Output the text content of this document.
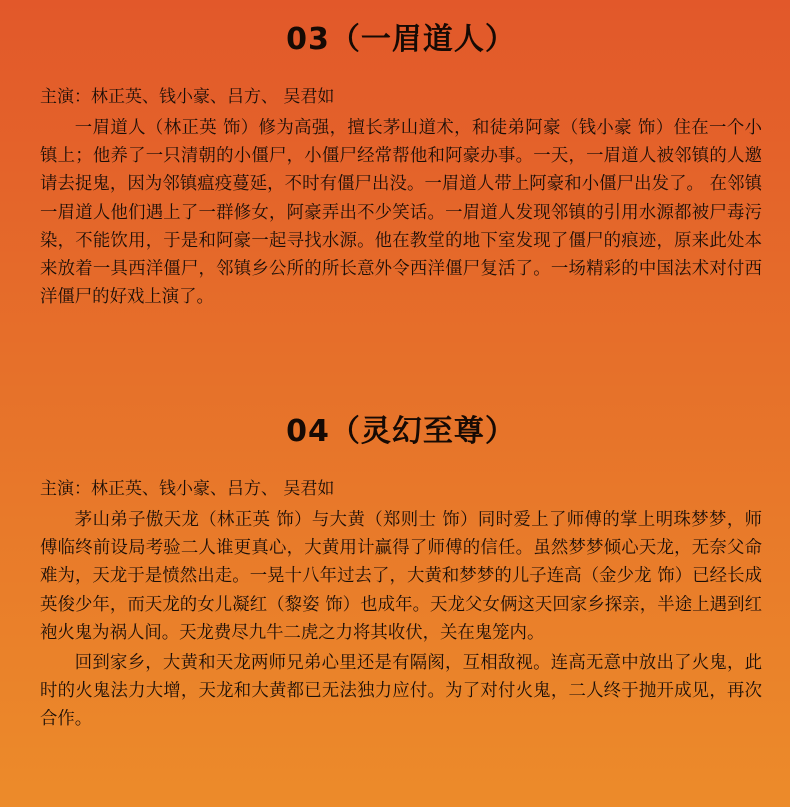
03（一眉道人）
主演：林正英、钱小豪、吕方、 吴君如

一眉道人（林正英 饰）修为高强，擅长茅山道术，和徒弟阿豪（钱小豪 饰）住在一个小镇上；他养了一只清朝的小僵尸，小僵尸经常帮他和阿豪办事。一天，一眉道人被邻镇的人邀请去捉鬼，因为邻镇瘟疫蔓延，不时有僵尸出没。一眉道人带上阿豪和小僵尸出发了。 在邻镇一眉道人他们遇上了一群修女，阿豪弄出不少笑话。一眉道人发现邻镇的引用水源都被尸毒污染，不能饮用，于是和阿豪一起寻找水源。他在教堂的地下室发现了僵尸的痕迹，原来此处本来放着一具西洋僵尸，邻镇乡公所的所长意外令西洋僵尸复活了。一场精彩的中国法术对付西洋僵尸的好戏上演了。

04（灵幻至尊）
主演：林正英、钱小豪、吕方、 吴君如

茅山弟子傲天龙（林正英 饰）与大黄（郑则士 饰）同时爱上了师傅的掌上明珠梦梦，师傅临终前设局考验二人谁更真心，大黄用计赢得了师傅的信任。虽然梦梦倾心天龙，无奈父命难为，天龙于是愤然出走。一晃十八年过去了，大黄和梦梦的儿子连高（金少龙 饰）已经长成英俊少年，而天龙的女儿凝红（黎姿 饰）也成年。天龙父女俩这天回家乡探亲，半途上遇到红袍火鬼为祸人间。天龙费尽九牛二虎之力将其收伏，关在鬼笼内。

回到家乡，大黄和天龙两师兄弟心里还是有隔阂，互相敌视。连高无意中放出了火鬼，此时的火鬼法力大增，天龙和大黄都已无法独力应付。为了对付火鬼，二人终于抛开成见，再次合作。
